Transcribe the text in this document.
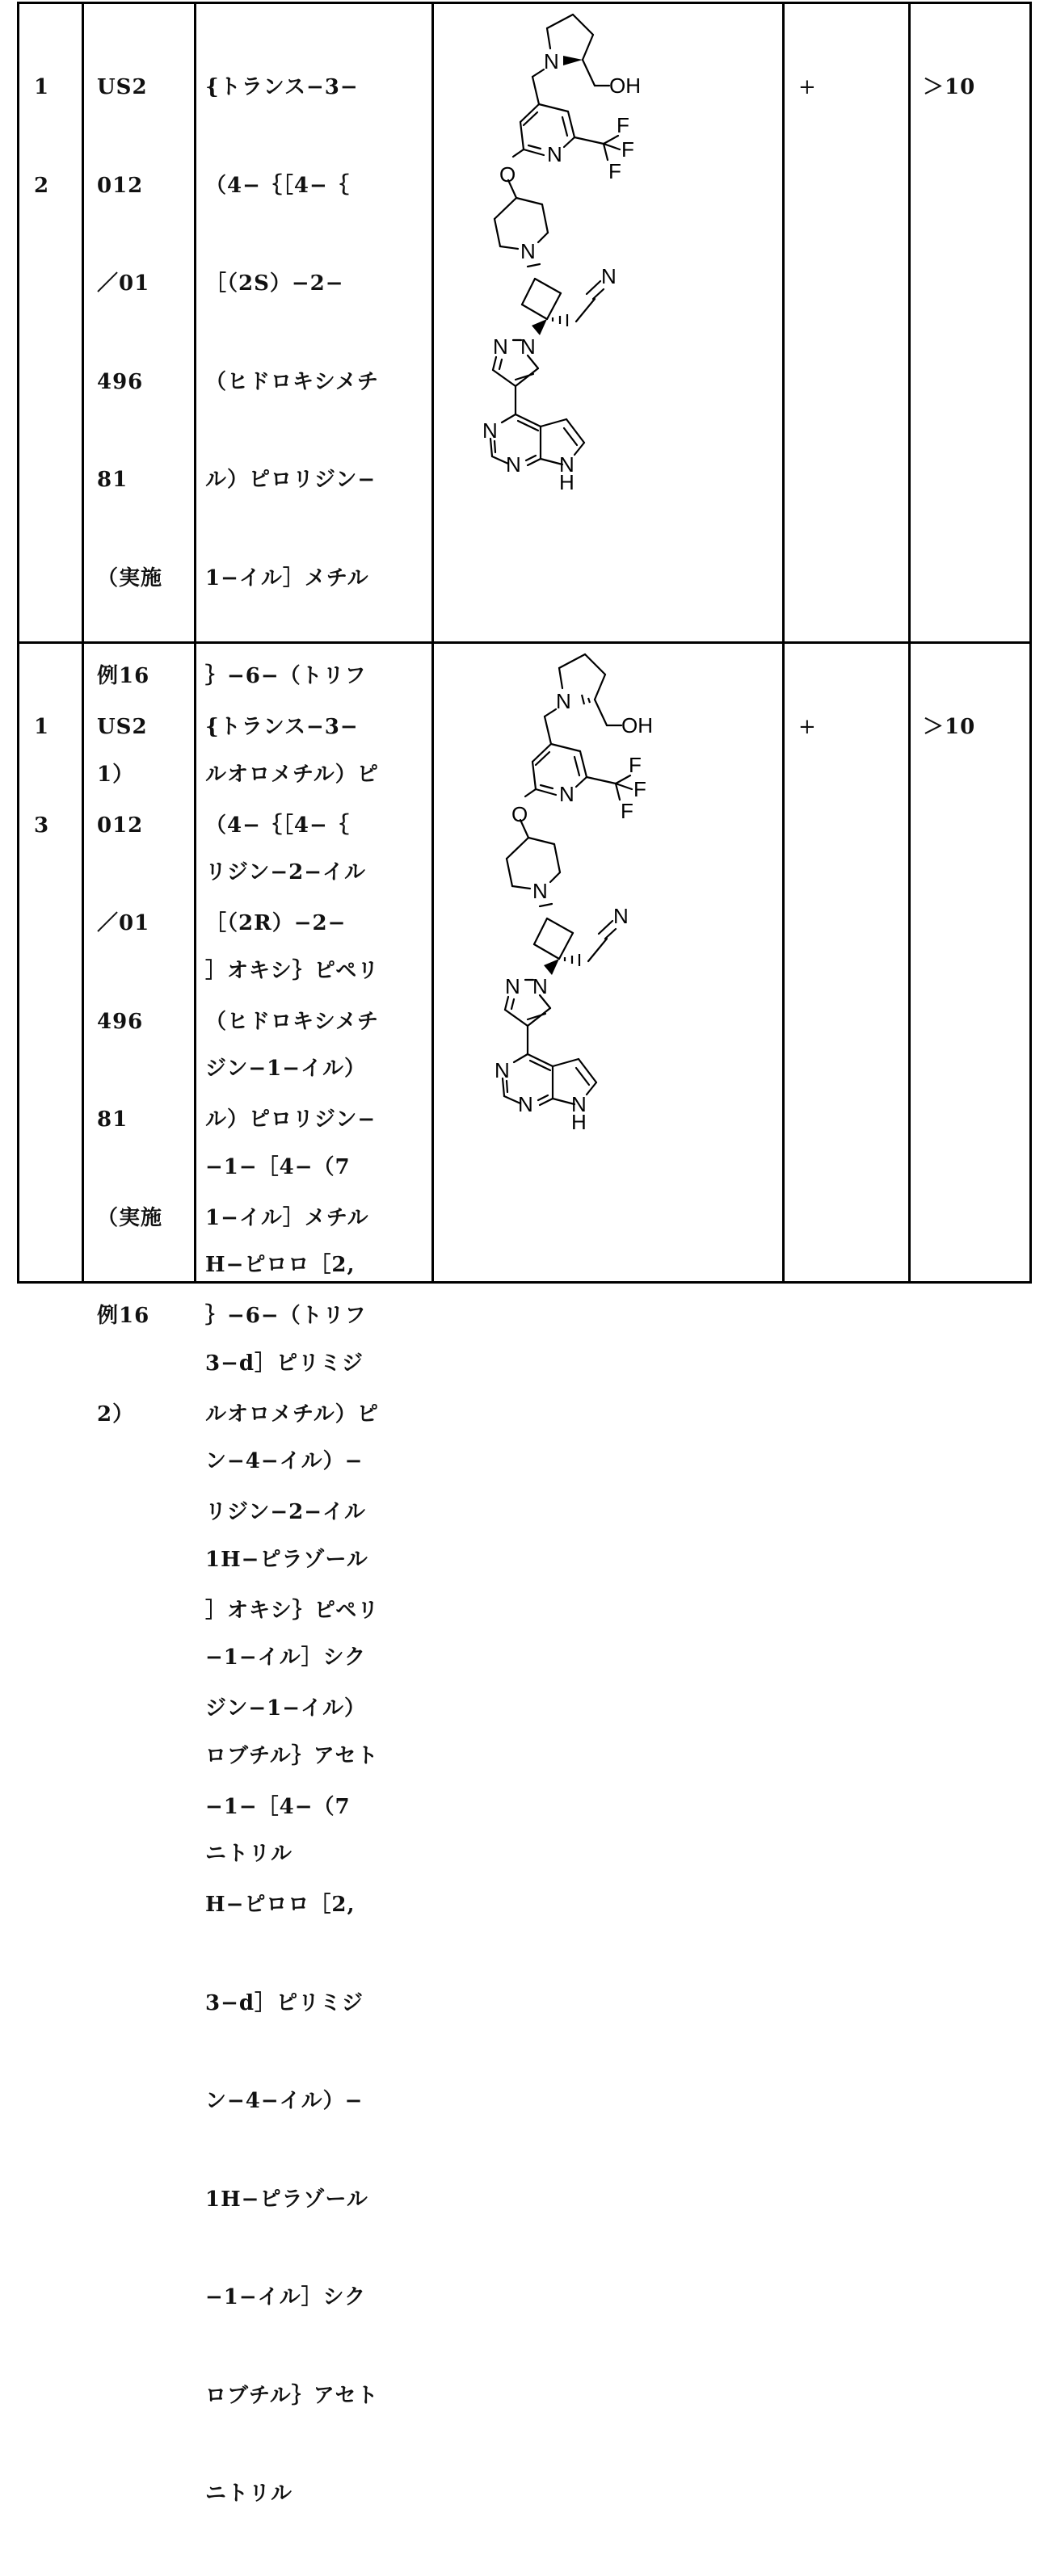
1

2

US2

012

／01

496

81

（実施

例16

1）

{トランス−3−

（4−｛［4−｛

［（2S）−2−

（ヒドロキシメチ

ル）ピロリジン−

1−イル］メチル

｝−6−（トリフ

ルオロメチル）ピ

リジン−2−イル

］オキシ｝ピペリ

ジン−1−イル）

−1−［4−（7

H−ピロロ［2,

3−d］ピリミジ

ン−4−イル）−

1H−ピラゾール

−1−イル］シク

ロブチル｝アセト

ニトリル

N
OH
N
F
F
F
O
N
N
N N
N
N N
H

+

	＞10

1

3

US2

012

／01

496

81

（実施

例16

2）

{トランス−3−

（4−｛［4−｛

［（2R）−2−

（ヒドロキシメチ

ル）ピロリジン−

1−イル］メチル

｝−6−（トリフ

ルオロメチル）ピ

リジン−2−イル

］オキシ｝ピペリ

ジン−1−イル）

−1−［4−（7

H−ピロロ［2,

3−d］ピリミジ

ン−4−イル）−

1H−ピラゾール

−1−イル］シク

ロブチル｝アセト

ニトリル

N
OH
N
F
F
F
O
N
N
N N
N
N N
H

+

	＞10
